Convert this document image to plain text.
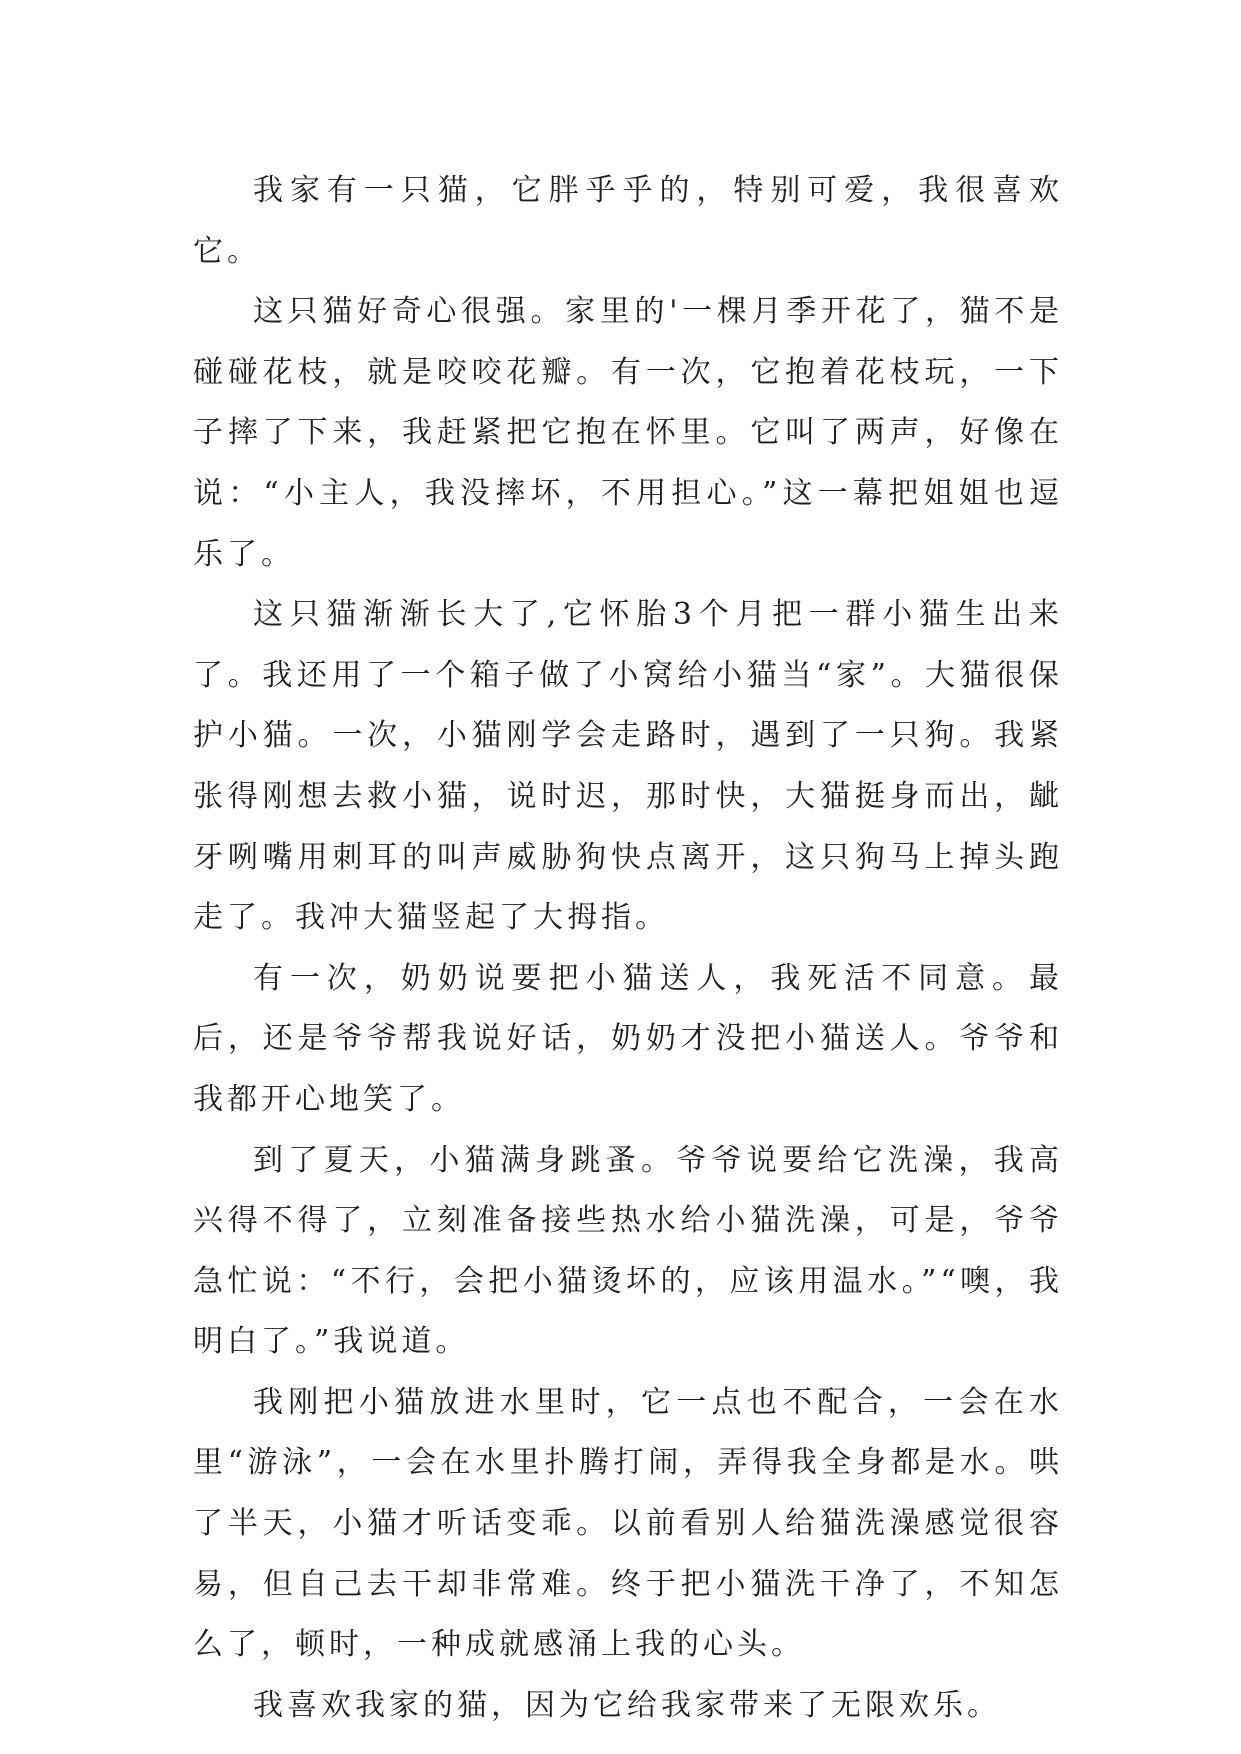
我家有一只猫，它胖乎乎的，特别可爱，我很喜欢它。

这只猫好奇心很强。家里的'一棵月季开花了，猫不是碰碰花枝，就是咬咬花瓣。有一次，它抱着花枝玩，一下子摔了下来，我赶紧把它抱在怀里。它叫了两声，好像在说：“小主人，我没摔坏，不用担心。”这一幕把姐姐也逗乐了。

这只猫渐渐长大了,它怀胎3个月把一群小猫生出来了。我还用了一个箱子做了小窝给小猫当“家”。大猫很保护小猫。一次，小猫刚学会走路时，遇到了一只狗。我紧张得刚想去救小猫，说时迟，那时快，大猫挺身而出，龇牙咧嘴用刺耳的叫声威胁狗快点离开，这只狗马上掉头跑走了。我冲大猫竖起了大拇指。

有一次，奶奶说要把小猫送人，我死活不同意。最后，还是爷爷帮我说好话，奶奶才没把小猫送人。爷爷和我都开心地笑了。

到了夏天，小猫满身跳蚤。爷爷说要给它洗澡，我高兴得不得了，立刻准备接些热水给小猫洗澡，可是，爷爷急忙说：“不行，会把小猫烫坏的，应该用温水。”“噢，我明白了。”我说道。

我刚把小猫放进水里时，它一点也不配合，一会在水里“游泳”，一会在水里扑腾打闹，弄得我全身都是水。哄了半天，小猫才听话变乖。以前看别人给猫洗澡感觉很容易，但自己去干却非常难。终于把小猫洗干净了，不知怎么了，顿时，一种成就感涌上我的心头。

我喜欢我家的猫，因为它给我家带来了无限欢乐。
